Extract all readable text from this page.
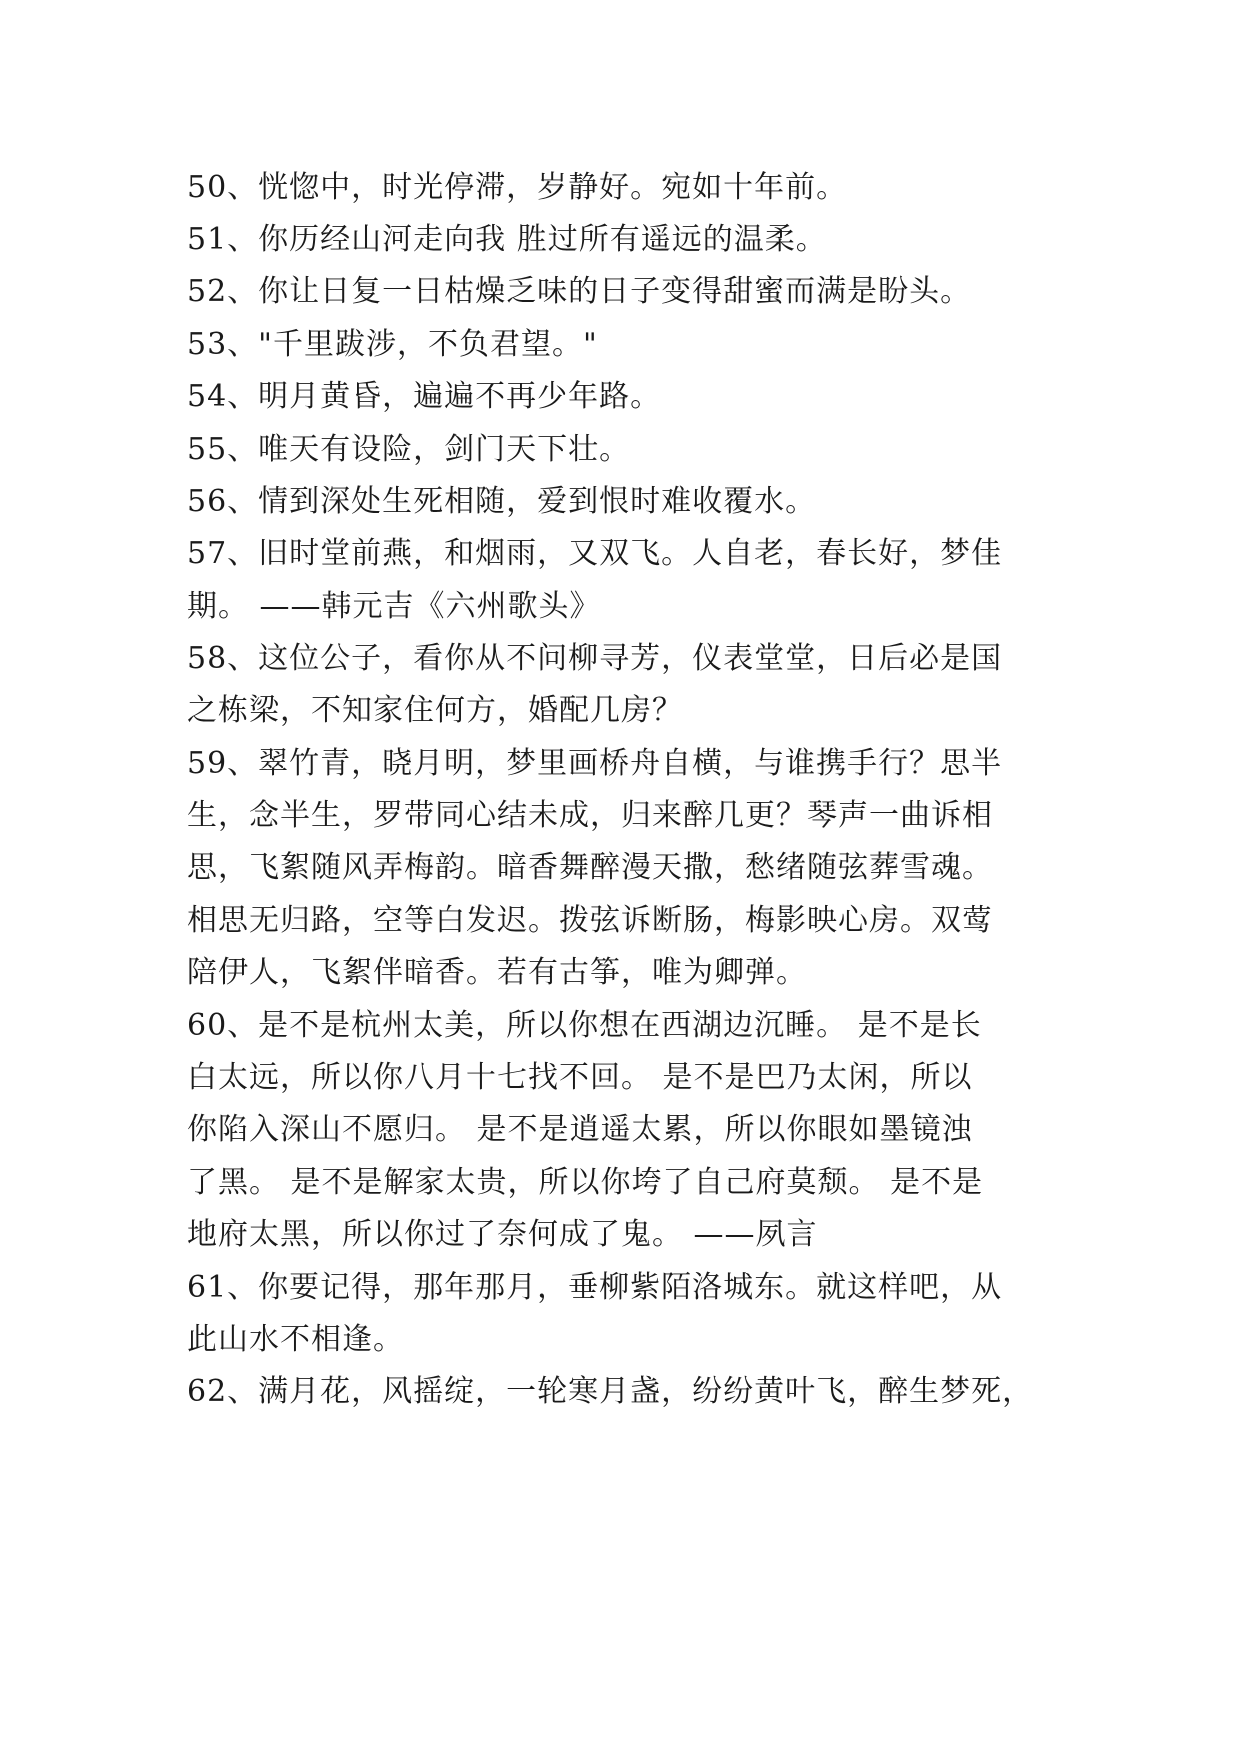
50、恍惚中，时光停滞，岁静好。宛如十年前。
51、你历经山河走向我 胜过所有遥远的温柔。
52、你让日复一日枯燥乏味的日子变得甜蜜而满是盼头。
53、"千里跋涉，不负君望。"
54、明月黄昏，遍遍不再少年路。
55、唯天有设险，剑门天下壮。
56、情到深处生死相随，爱到恨时难收覆水。
57、旧时堂前燕，和烟雨，又双飞。人自老，春长好，梦佳
期。 ——韩元吉《六州歌头》
58、这位公子，看你从不问柳寻芳，仪表堂堂，日后必是国
之栋梁，不知家住何方，婚配几房？
59、翠竹青，晓月明，梦里画桥舟自横，与谁携手行？思半
生，念半生，罗带同心结未成，归来醉几更？琴声一曲诉相
思，飞絮随风弄梅韵。暗香舞醉漫天撒，愁绪随弦葬雪魂。
相思无归路，空等白发迟。拨弦诉断肠，梅影映心房。双莺
陪伊人，飞絮伴暗香。若有古筝，唯为卿弹。
60、是不是杭州太美，所以你想在西湖边沉睡。 是不是长
白太远，所以你八月十七找不回。 是不是巴乃太闲，所以
你陷入深山不愿归。 是不是逍遥太累，所以你眼如墨镜浊
了黑。 是不是解家太贵，所以你垮了自己府莫颓。 是不是
地府太黑，所以你过了奈何成了鬼。 ——夙言
61、你要记得，那年那月，垂柳紫陌洛城东。就这样吧，从
此山水不相逢。
62、满月花，风摇绽，一轮寒月盏，纷纷黄叶飞，醉生梦死，
